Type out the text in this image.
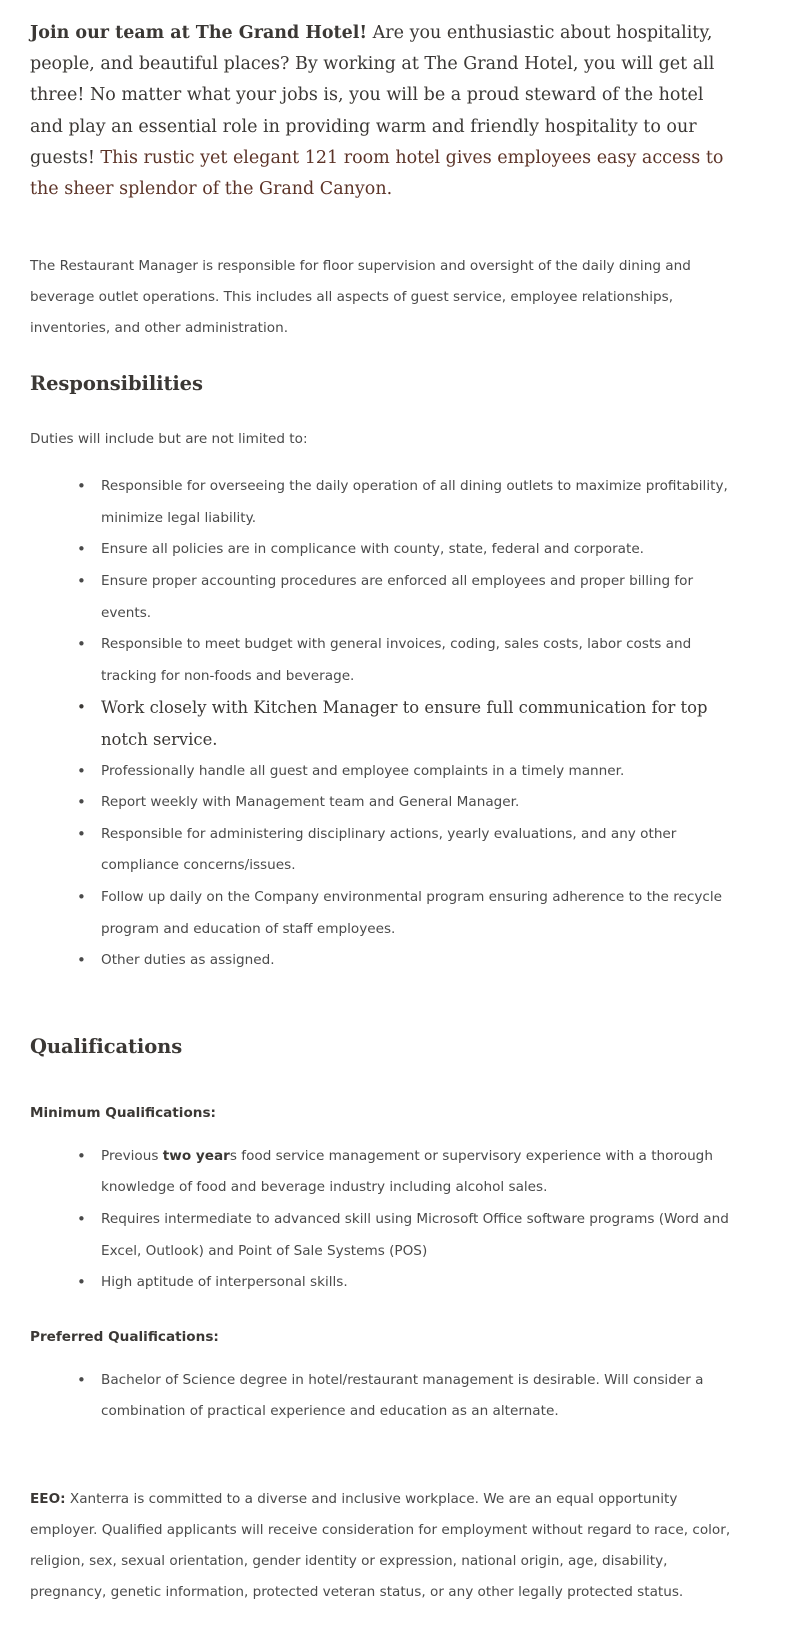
Join our team at The Grand Hotel! Are you enthusiastic about hospitality, people, and beautiful places? By working at The Grand Hotel, you will get all three! No matter what your jobs is, you will be a proud steward of the hotel and play an essential role in providing warm and friendly hospitality to our guests! This rustic yet elegant 121 room hotel gives employees easy access to the sheer splendor of the Grand Canyon.

The Restaurant Manager is responsible for floor supervision and oversight of the daily dining and beverage outlet operations. This includes all aspects of guest service, employee relationships, inventories, and other administration.

Responsibilities

Duties will include but are not limited to:

• Responsible for overseeing the daily operation of all dining outlets to maximize profitability, minimize legal liability.
• Ensure all policies are in complicance with county, state, federal and corporate.
• Ensure proper accounting procedures are enforced all employees and proper billing for events.
• Responsible to meet budget with general invoices, coding, sales costs, labor costs and tracking for non-foods and beverage.
• Work closely with Kitchen Manager to ensure full communication for top notch service.
• Professionally handle all guest and employee complaints in a timely manner.
• Report weekly with Management team and General Manager.
• Responsible for administering disciplinary actions, yearly evaluations, and any other compliance concerns/issues.
• Follow up daily on the Company environmental program ensuring adherence to the recycle program and education of staff employees.
• Other duties as assigned.
Qualifications
Minimum Qualifications:
• Previous two years food service management or supervisory experience with a thorough knowledge of food and beverage industry including alcohol sales.
• Requires intermediate to advanced skill using Microsoft Office software programs (Word and Excel, Outlook) and Point of Sale Systems (POS)
• High aptitude of interpersonal skills.
Preferred Qualifications:
• Bachelor of Science degree in hotel/restaurant management is desirable. Will consider a combination of practical experience and education as an alternate.

EEO: Xanterra is committed to a diverse and inclusive workplace. We are an equal opportunity employer. Qualified applicants will receive consideration for employment without regard to race, color, religion, sex, sexual orientation, gender identity or expression, national origin, age, disability, pregnancy, genetic information, protected veteran status, or any other legally protected status.
